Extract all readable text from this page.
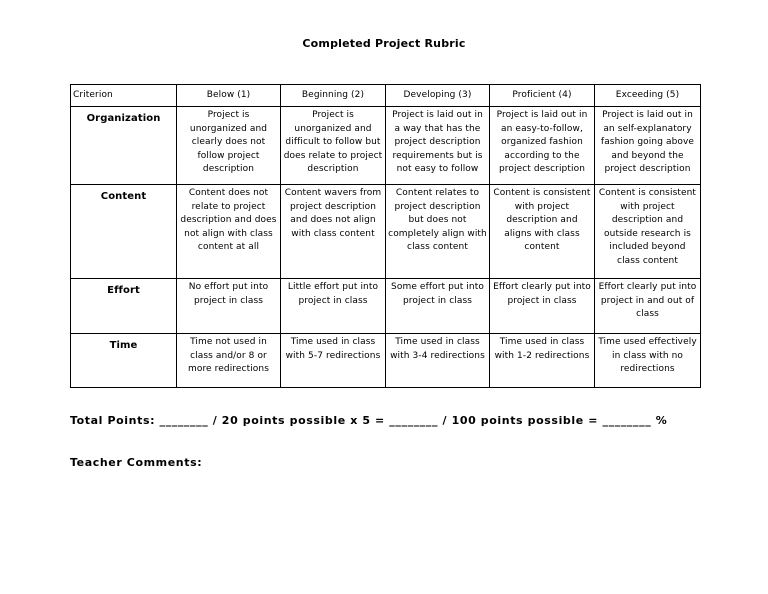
Completed Project Rubric
Criterion	Below (1)	Beginning (2)	Developing (3)	Proficient (4)	Exceeding (5)
Organization	Project is unorganized and clearly does not follow project description	Project is unorganized and difficult to follow but does relate to project description	Project is laid out in a way that has the project description requirements but is not easy to follow	Project is laid out in an easy-to-follow, organized fashion according to the project description	Project is laid out in an self-explanatory fashion going above and beyond the project description
Content	Content does not relate to project description and does not align with class content at all	Content wavers from project description and does not align with class content	Content relates to project description but does not completely align with class content	Content is consistent with project description and aligns with class content	Content is consistent with project description and outside research is included beyond class content
Effort	No effort put into project in class	Little effort put into project in class	Some effort put into project in class	Effort clearly put into project in class	Effort clearly put into project in and out of class
Time	Time not used in class and/or 8 or more redirections	Time used in class with 5-7 redirections	Time used in class with 3-4 redirections	Time used in class with 1-2 redirections	Time used effectively in class with no redirections
Total Points: ________ / 20 points possible x 5 = ________ / 100 points possible = ________ %
Teacher Comments:
